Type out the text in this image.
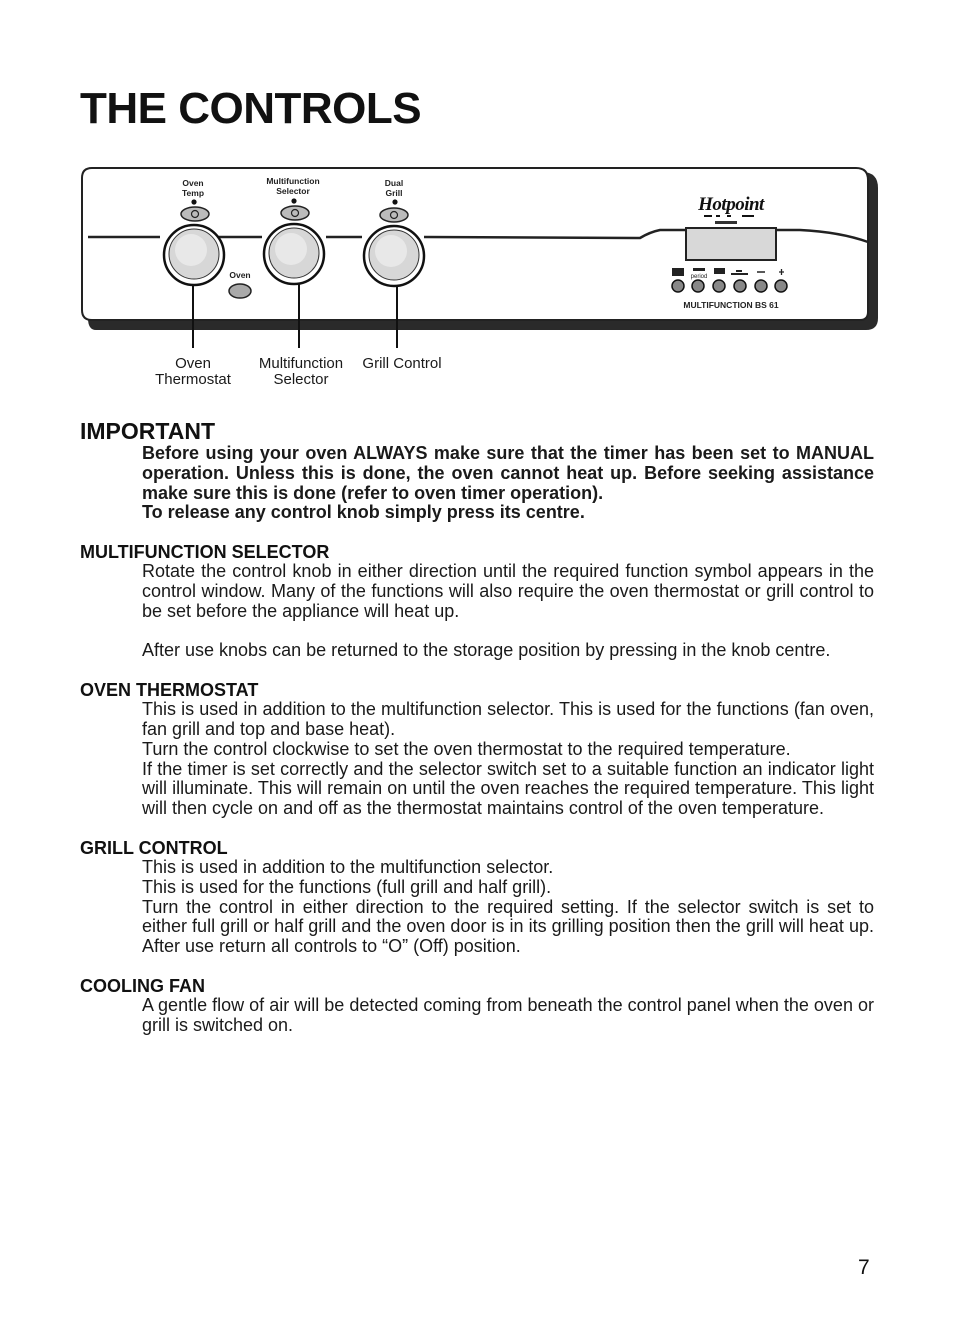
THE CONTROLS
Oven
Temp
Multifunction
Selector
Dual
Grill
Oven
Hotpoint
period
MULTIFUNCTION BS 61
Oven Thermostat
Multifunction Selector
Grill Control
IMPORTANT

Before using your oven ALWAYS make sure that the timer has been set to MANUAL operation. Unless this is done, the oven cannot heat up. Before seeking assistance make sure this is done (refer to oven timer operation).

To release any control knob simply press its centre.

MULTIFUNCTION SELECTOR

Rotate the control knob in either direction until the required function symbol appears in the control window. Many of the functions will also require the oven thermostat or grill control to be set before the appliance will heat up.

After use knobs can be returned to the storage position by pressing in the knob centre.

OVEN THERMOSTAT

This is used in addition to the multifunction selector. This is used for the functions (fan oven, fan grill and top and base heat).

Turn the control clockwise to set the oven thermostat to the required temperature.

If the timer is set correctly and the selector switch set to a suitable function an indicator light will illuminate. This will remain on until the oven reaches the required temperature. This light will then cycle on and off as the thermostat maintains control of the oven temperature.

GRILL CONTROL

This is used in addition to the multifunction selector.

This is used for the functions (full grill and half grill).

Turn the control in either direction to the required setting. If the selector switch is set to either full grill or half grill and the oven door is in its grilling position then the grill will heat up. After use return all controls to “O” (Off) position.

COOLING FAN

A gentle flow of air will be detected coming from beneath the control panel when the oven or grill is switched on.

7
